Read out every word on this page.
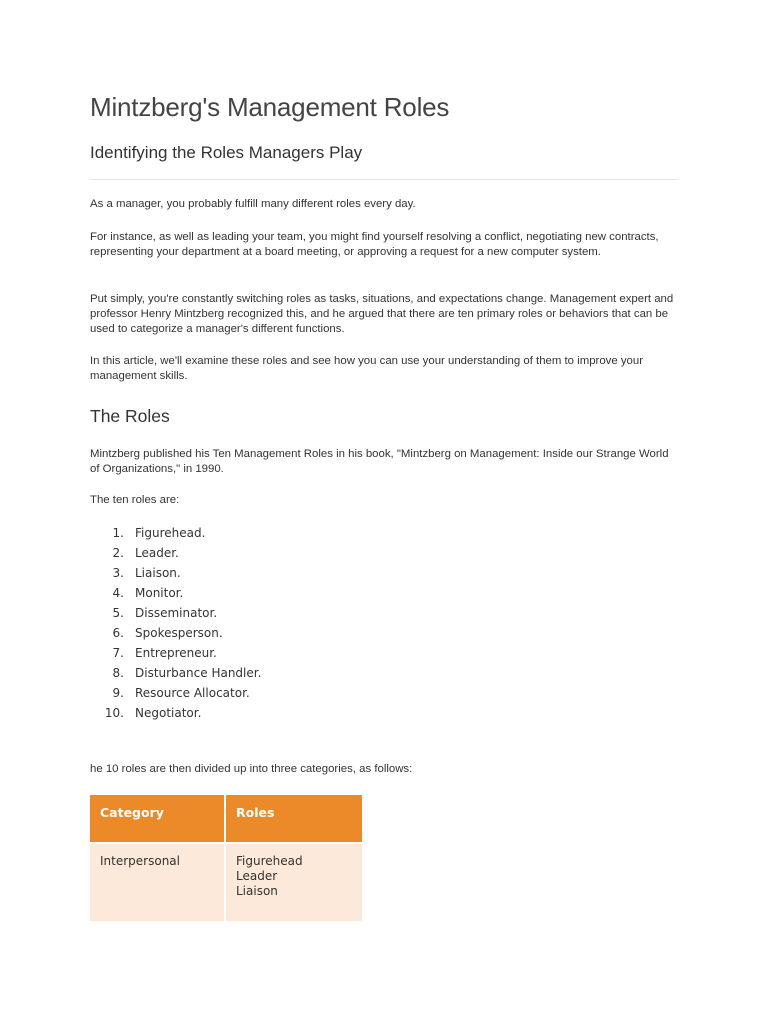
Mintzberg's Management Roles
Identifying the Roles Managers Play

As a manager, you probably fulfill many different roles every day.

For instance, as well as leading your team, you might find yourself resolving a conflict, negotiating new contracts, representing your department at a board meeting, or approving a request for a new computer system.

Put simply, you're constantly switching roles as tasks, situations, and expectations change. Management expert and professor Henry Mintzberg recognized this, and he argued that there are ten primary roles or behaviors that can be used to categorize a manager's different functions.

In this article, we'll examine these roles and see how you can use your understanding of them to improve your management skills.

The Roles

Mintzberg published his Ten Management Roles in his book, "Mintzberg on Management: Inside our Strange World of Organizations," in 1990.

The ten roles are:

1. Figurehead.
2. Leader.
3. Liaison.
4. Monitor.
5. Disseminator.
6. Spokesperson.
7. Entrepreneur.
8. Disturbance Handler.
9. Resource Allocator.
10. Negotiator.

he 10 roles are then divided up into three categories, as follows:

Category	Roles
Interpersonal	Figurehead
Leader
Liaison
